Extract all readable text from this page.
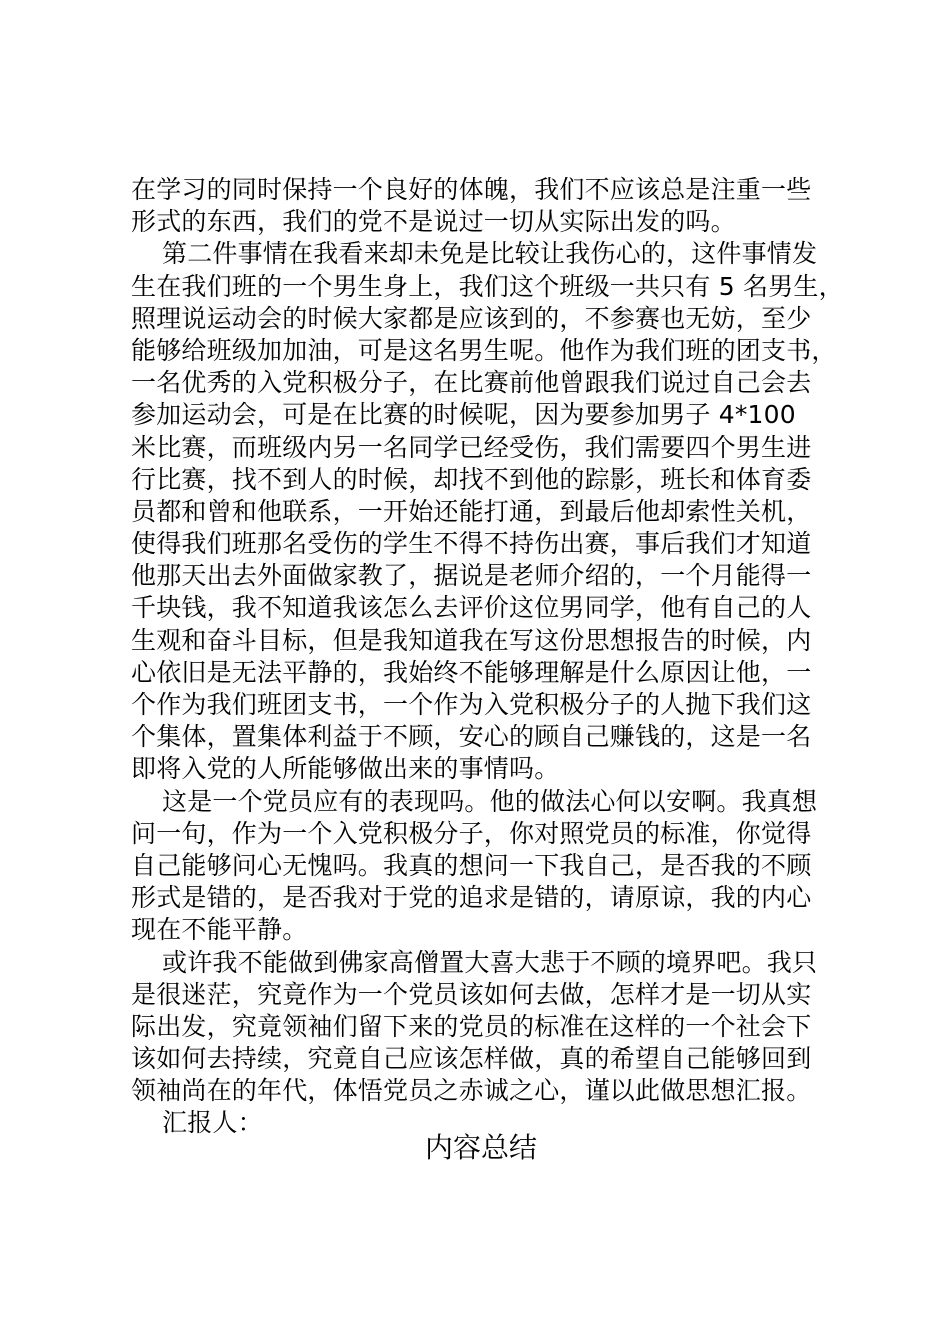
在学习的同时保持一个良好的体魄，我们不应该总是注重一些
形式的东西，我们的党不是说过一切从实际出发的吗。
第二件事情在我看来却未免是比较让我伤心的，这件事情发
生在我们班的一个男生身上，我们这个班级一共只有 5 名男生，
照理说运动会的时候大家都是应该到的，不参赛也无妨，至少
能够给班级加加油，可是这名男生呢。他作为我们班的团支书，
一名优秀的入党积极分子，在比赛前他曾跟我们说过自己会去
参加运动会，可是在比赛的时候呢，因为要参加男子 4*100
米比赛，而班级内另一名同学已经受伤，我们需要四个男生进
行比赛，找不到人的时候，却找不到他的踪影，班长和体育委
员都和曾和他联系，一开始还能打通，到最后他却索性关机，
使得我们班那名受伤的学生不得不持伤出赛，事后我们才知道
他那天出去外面做家教了，据说是老师介绍的，一个月能得一
千块钱，我不知道我该怎么去评价这位男同学，他有自己的人
生观和奋斗目标，但是我知道我在写这份思想报告的时候，内
心依旧是无法平静的，我始终不能够理解是什么原因让他，一
个作为我们班团支书，一个作为入党积极分子的人抛下我们这
个集体，置集体利益于不顾，安心的顾自己赚钱的，这是一名
即将入党的人所能够做出来的事情吗。
这是一个党员应有的表现吗。他的做法心何以安啊。我真想
问一句，作为一个入党积极分子，你对照党员的标准，你觉得
自己能够问心无愧吗。我真的想问一下我自己，是否我的不顾
形式是错的，是否我对于党的追求是错的，请原谅，我的内心
现在不能平静。
或许我不能做到佛家高僧置大喜大悲于不顾的境界吧。我只
是很迷茫，究竟作为一个党员该如何去做，怎样才是一切从实
际出发，究竟领袖们留下来的党员的标准在这样的一个社会下
该如何去持续，究竟自己应该怎样做，真的希望自己能够回到
领袖尚在的年代，体悟党员之赤诚之心，谨以此做思想汇报。
汇报人：
内容总结
